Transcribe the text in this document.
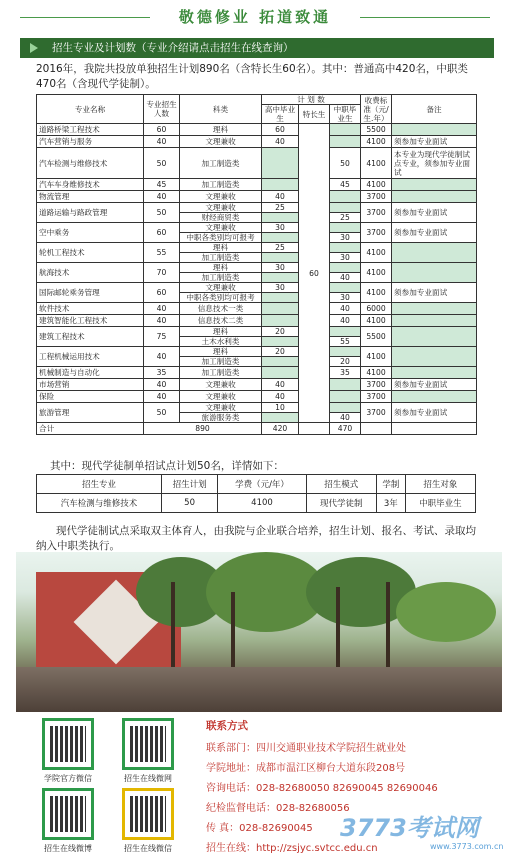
敬德修业 拓道致通
招生专业及计划数（专业介绍请点击招生在线查询）
2016年，我院共投放单独招生计划890名（含特长生60名）。其中：普通高中420名，中职类470名（含现代学徒制）。
专业名称	专业招生人数	科类	计 划 数			收费标准（元/生.年）	备注
			高中毕业生	特长生	中职毕业生		
道路桥梁工程技术	60	理科	60	60		5500	

汽车营销与服务	40	文理兼收	40			4100	须参加专业面试

汽车检测与维修技术	50	加工制造类			50	4100	本专业为现代学徒制试点专业，须参加专业面试

汽车车身维修技术	45	加工制造类			45	4100	

物流管理	40	文理兼收	40			3700	

道路运输与路政管理	50	文理兼收	25			3700	须参加专业面试
		财经商贸类			25		
空中乘务	60	文理兼收	30			3700	须参加专业面试
		中职各类别均可报考			30		
轮机工程技术	55	理科	25			4100	
		加工制造类			30		
航海技术	70	理科	30			4100	
		加工制造类			40		
国际邮轮乘务管理	60	文理兼收	30			4100	须参加专业面试
		中职各类别均可报考			30		
软件技术	40	信息技术一类			40	6000	

建筑智能化工程技术	40	信息技术二类			40	4100	

建筑工程技术	75	理科	20			5500	
		土木水利类			55		
工程机械运用技术	40	理科	20			4100	
		加工制造类			20		
机械制造与自动化	35	加工制造类			35	4100	

市场营销	40	文理兼收	40			3700	须参加专业面试

保险	40	文理兼收	40			3700	

旅游管理	50	文理兼收	10			3700	须参加专业面试
		旅游服务类			40		
合计	890		420		470		
其中：现代学徒制单招试点计划50名，详情如下：
招生专业	招生计划	学费（元/年）	招生模式	学制	招生对象
汽车检测与维修技术	50	4100	现代学徒制	3年	中职毕业生
现代学徒制试点采取双主体育人，由我院与企业联合培养，招生计划、报名、考试、录取均纳入中职类执行。
学院官方微信	招生在线微网
招生在线微博	招生在线微信
联系方式
联系部门：四川交通职业技术学院招生就业处
学院地址：成都市温江区柳台大道东段208号
咨询电话：028-82680050 82690045 82690046
纪检监督电话：028-82680056
传 真：028-82690045
招生在线：http://zsjyc.svtcc.edu.cn
3773考试网
www.3773.com.cn
